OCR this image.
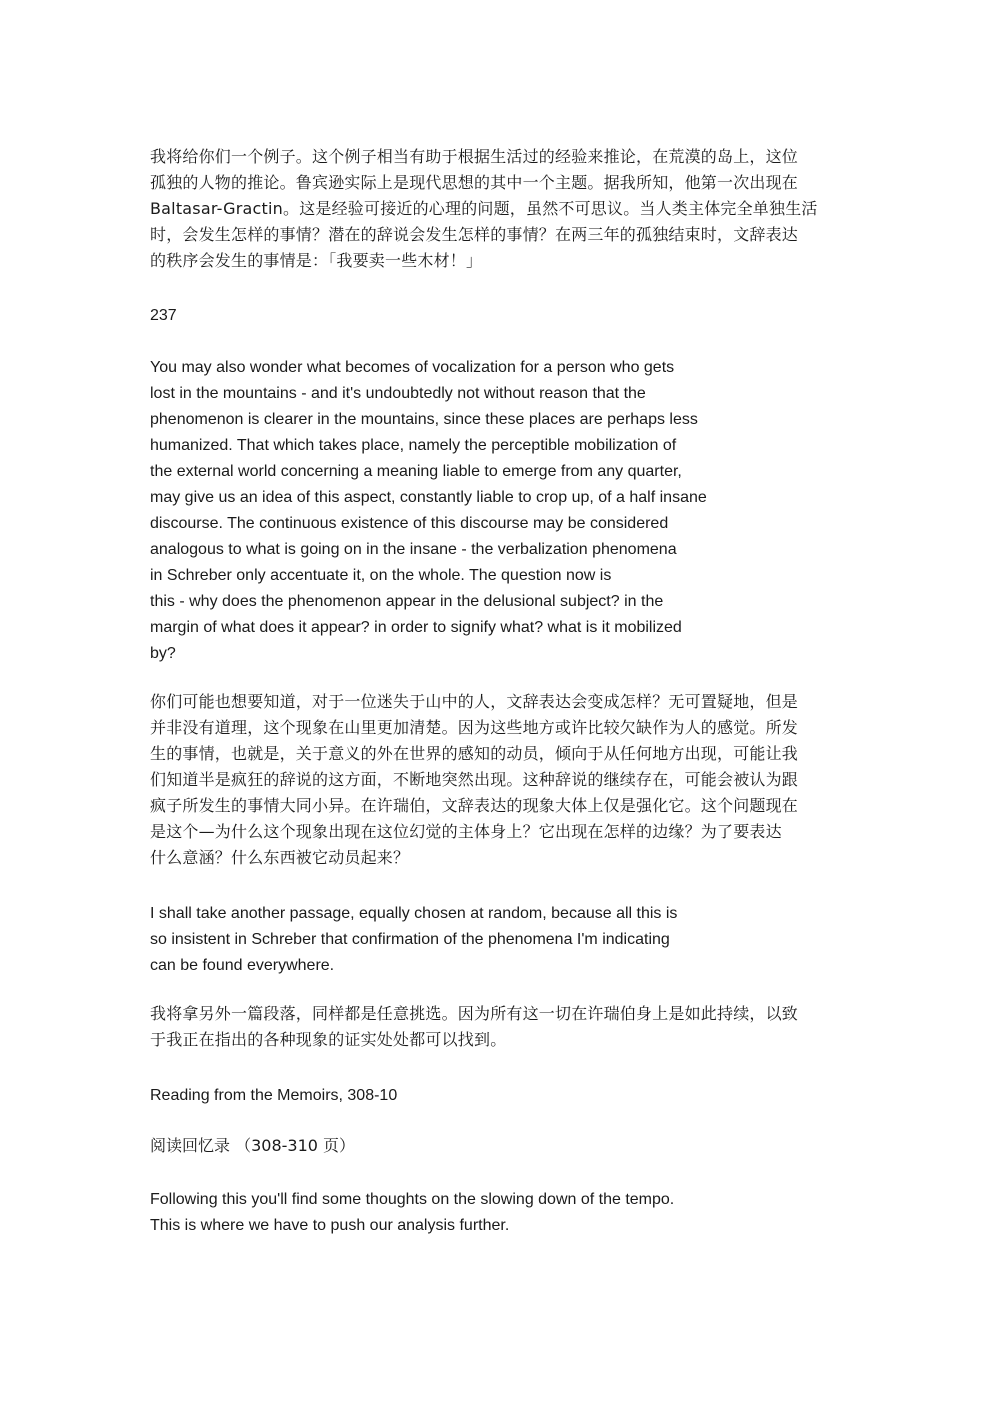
我将给你们一个例子。这个例子相当有助于根据生活过的经验来推论，在荒漠的岛上，这位
孤独的人物的推论。鲁宾逊实际上是现代思想的其中一个主题。据我所知，他第一次出现在
Baltasar-Gractin。这是经验可接近的心理的问题，虽然不可思议。当人类主体完全单独生活
时，会发生怎样的事情？潜在的辞说会发生怎样的事情？在两三年的孤独结束时，文辞表达
的秩序会发生的事情是：「我要卖一些木材！」

237

You may also wonder what becomes of vocalization for a person who gets
lost in the mountains - and it's undoubtedly not without reason that the
phenomenon is clearer in the mountains, since these places are perhaps less
humanized. That which takes place, namely the perceptible mobilization of
the external world concerning a meaning liable to emerge from any quarter,
may give us an idea of this aspect, constantly liable to crop up, of a half insane
discourse. The continuous existence of this discourse may be considered
analogous to what is going on in the insane - the verbalization phenomena
in Schreber only accentuate it, on the whole. The question now is
this - why does the phenomenon appear in the delusional subject? in the
margin of what does it appear? in order to signify what? what is it mobilized
by?

你们可能也想要知道，对于一位迷失于山中的人，文辞表达会变成怎样？无可置疑地，但是
并非没有道理，这个现象在山里更加清楚。因为这些地方或许比较欠缺作为人的感觉。所发
生的事情，也就是，关于意义的外在世界的感知的动员，倾向于从任何地方出现，可能让我
们知道半是疯狂的辞说的这方面，不断地突然出现。这种辞说的继续存在，可能会被认为跟
疯子所发生的事情大同小异。在许瑞伯，文辞表达的现象大体上仅是强化它。这个问题现在
是这个—为什么这个现象出现在这位幻觉的主体身上？它出现在怎样的边缘？为了要表达
什么意涵？什么东西被它动员起来？

I shall take another passage, equally chosen at random, because all this is
so insistent in Schreber that confirmation of the phenomena I'm indicating
can be found everywhere.

我将拿另外一篇段落，同样都是任意挑选。因为所有这一切在许瑞伯身上是如此持续，以致
于我正在指出的各种现象的证实处处都可以找到。

Reading from the Memoirs, 308-10

阅读回忆录 （308-310 页）

Following this you'll find some thoughts on the slowing down of the tempo.
This is where we have to push our analysis further.
